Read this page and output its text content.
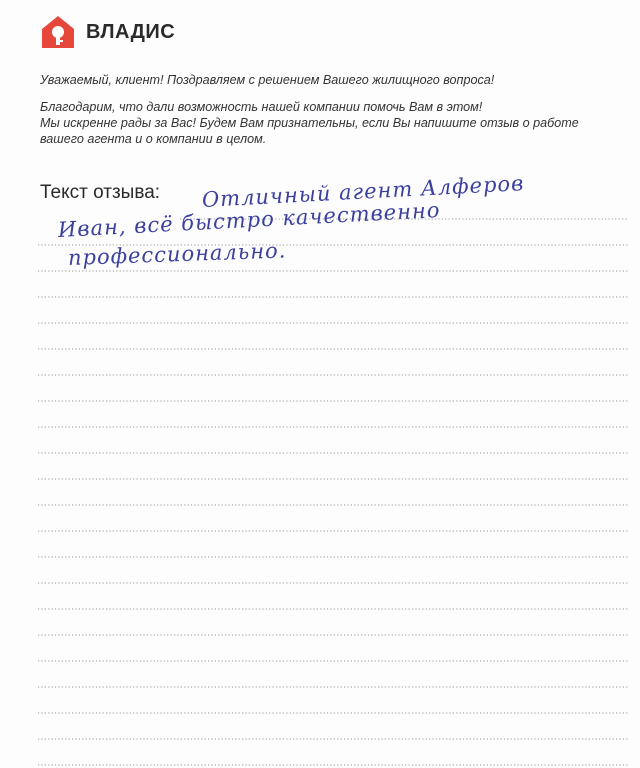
ВЛАДИС

Уважаемый, клиент! Поздравляем с решением Вашего жилищного вопроса!

Благодарим, что дали возможность нашей компании помочь Вам в этом!

Мы искренне рады за Вас! Будем Вам признательны, если Вы напишите отзыв о работе

вашего агента и о компании в целом.

Текст отзыва: Отличный агент Алферов
Иван, всё быстро качественно
профессионально.
